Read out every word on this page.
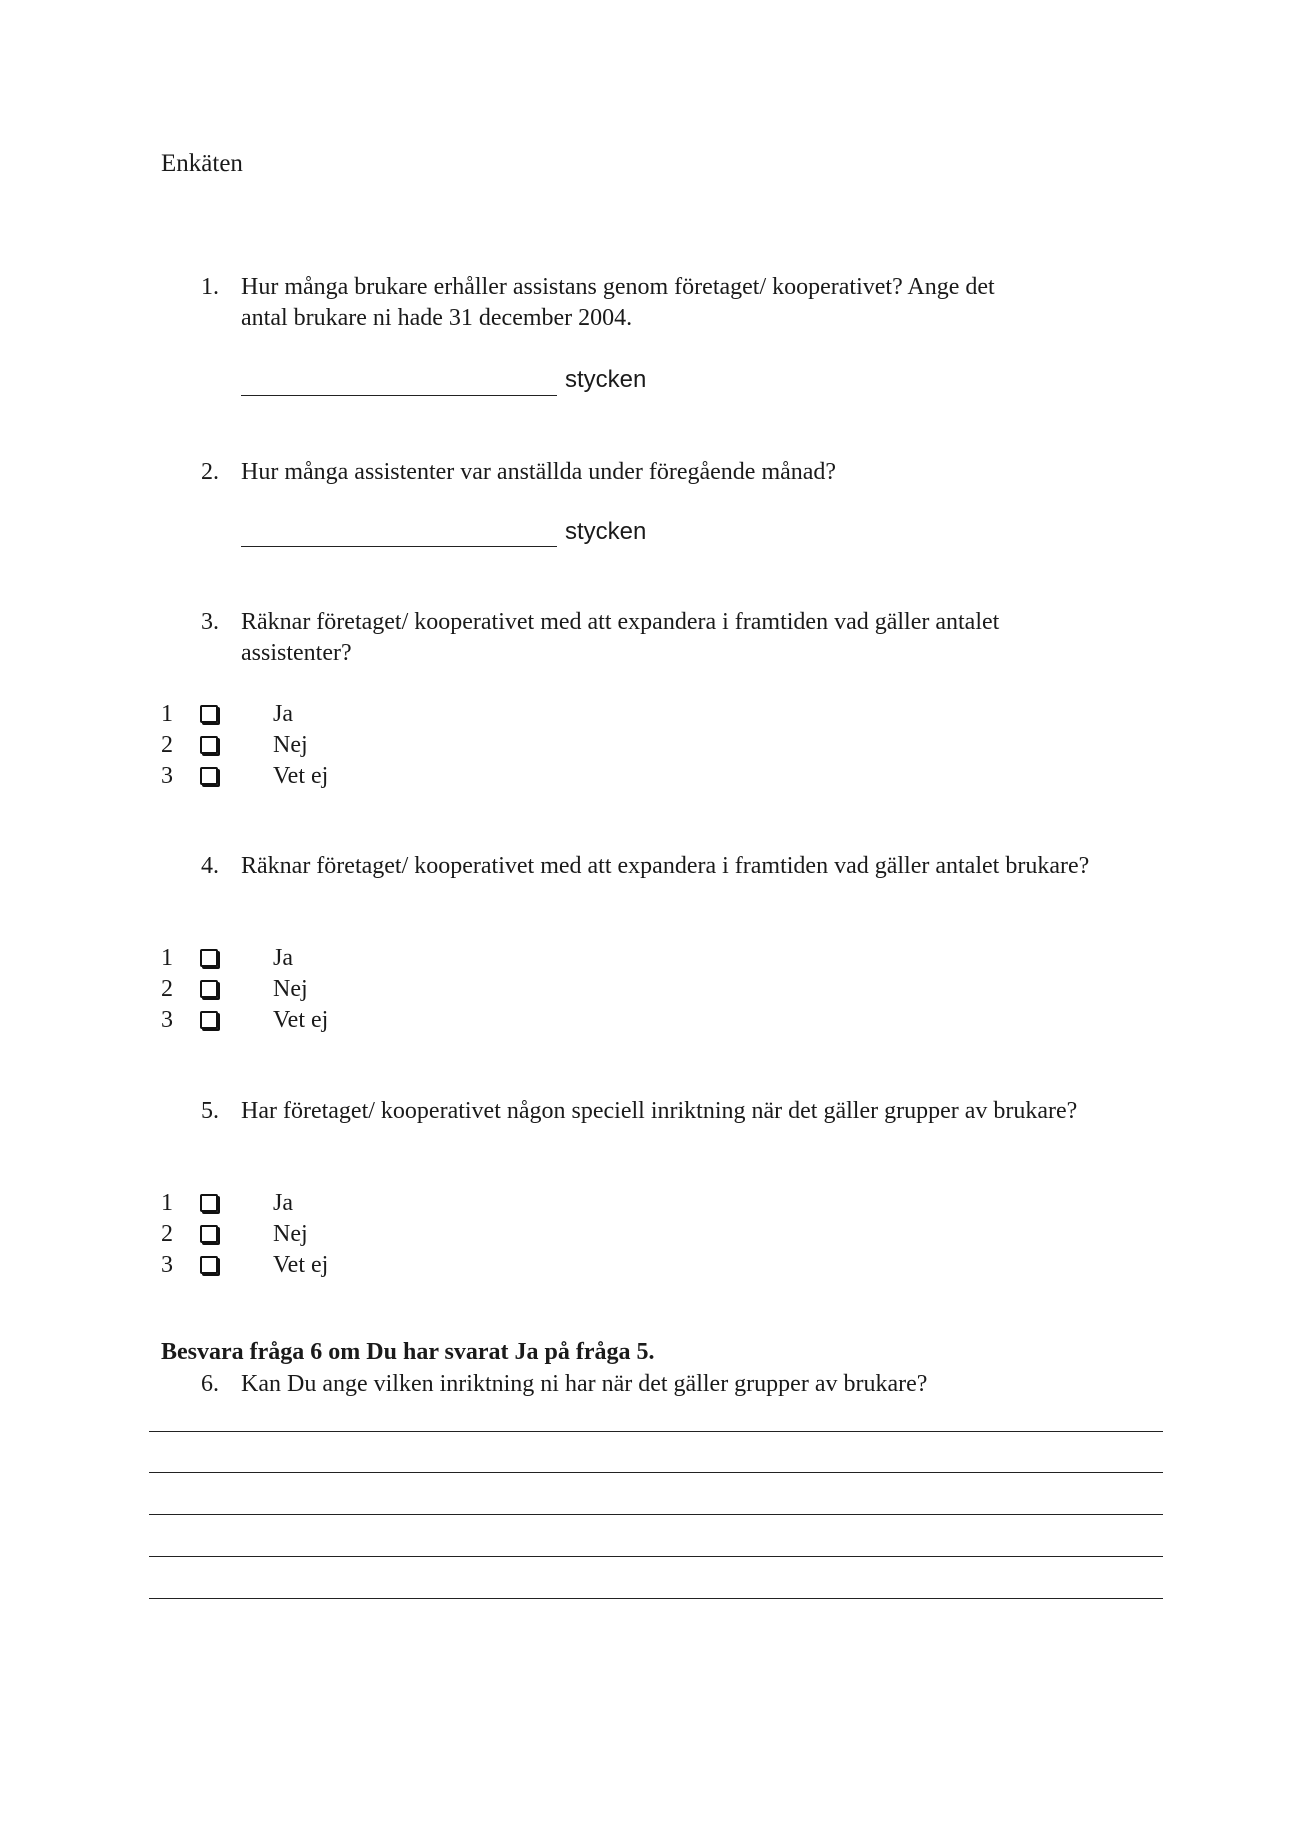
Enkäten
1. Hur många brukare erhåller assistans genom företaget/ kooperativet? Ange det antal brukare ni hade 31 december 2004.
stycken
2. Hur många assistenter var anställda under föregående månad?
stycken
3. Räknar företaget/ kooperativet med att expandera i framtiden vad gäller antalet assistenter?
1	Ja
2	Nej
3	Vet ej
4. Räknar företaget/ kooperativet med att expandera i framtiden vad gäller antalet brukare?
1	Ja
2	Nej
3	Vet ej
5. Har företaget/ kooperativet någon speciell inriktning när det gäller grupper av brukare?
1	Ja
2	Nej
3	Vet ej
Besvara fråga 6 om Du har svarat Ja på fråga 5.
6. Kan Du ange vilken inriktning ni har när det gäller grupper av brukare?
